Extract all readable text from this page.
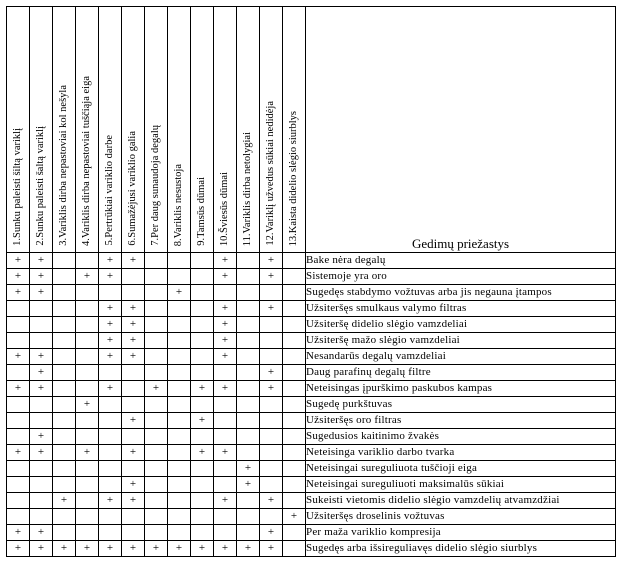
1.Sunku paleisti šiltą variklį	2.Sunku paleisti šaltą variklį	3.Variklis dirba nepastoviai kol nešyla	4.Variklis dirba nepastoviai tuščiąja eiga	5.Pertrūkiai variklio darbe	6.Sumažėjusi variklio galia	7.Per daug sunaudoja degalų	8.Variklis nesustoja	9.Tamsūs dūmai	10.Šviesūs dūmai	11.Variklis dirba netolygiai	12.Variklį užvedus sūkiai nedidėja	13.Kaista didelio slėgio siurblys	Gedimų priežastys
+	+			+	+				+		+		Bake nėra degalų
+	+		+	+					+		+		Sistemoje yra oro
+	+						+						Sugedęs stabdymo vožtuvas arba jis negauna įtampos
				+	+				+		+		Užsiteršęs smulkaus valymo filtras
				+	+				+				Užsiteršę didelio slėgio vamzdeliai
				+	+				+				Užsiteršę mažo slėgio vamzdeliai
+	+			+	+				+				Nesandarūs degalų vamzdeliai
	+										+		Daug parafinų degalų filtre
+	+			+		+		+	+		+		Neteisingas įpurškimo paskubos kampas
			+										Sugedę purkštuvas
					+			+					Užsiteršęs oro filtras
	+												Sugedusios kaitinimo žvakės
+	+		+		+			+	+				Neteisinga variklio darbo tvarka
										+			Neteisingai sureguliuota tuščioji eiga
					+					+			Neteisingai sureguliuoti maksimalūs sūkiai
		+		+	+				+		+		Sukeisti vietomis didelio slėgio vamzdelių atvamzdžiai
												+	Užsiteršęs droselinis vožtuvas
+	+										+		Per maža variklio kompresija
+	+	+	+	+	+	+	+	+	+	+	+		Sugedęs arba išsireguliavęs didelio slėgio siurblys
